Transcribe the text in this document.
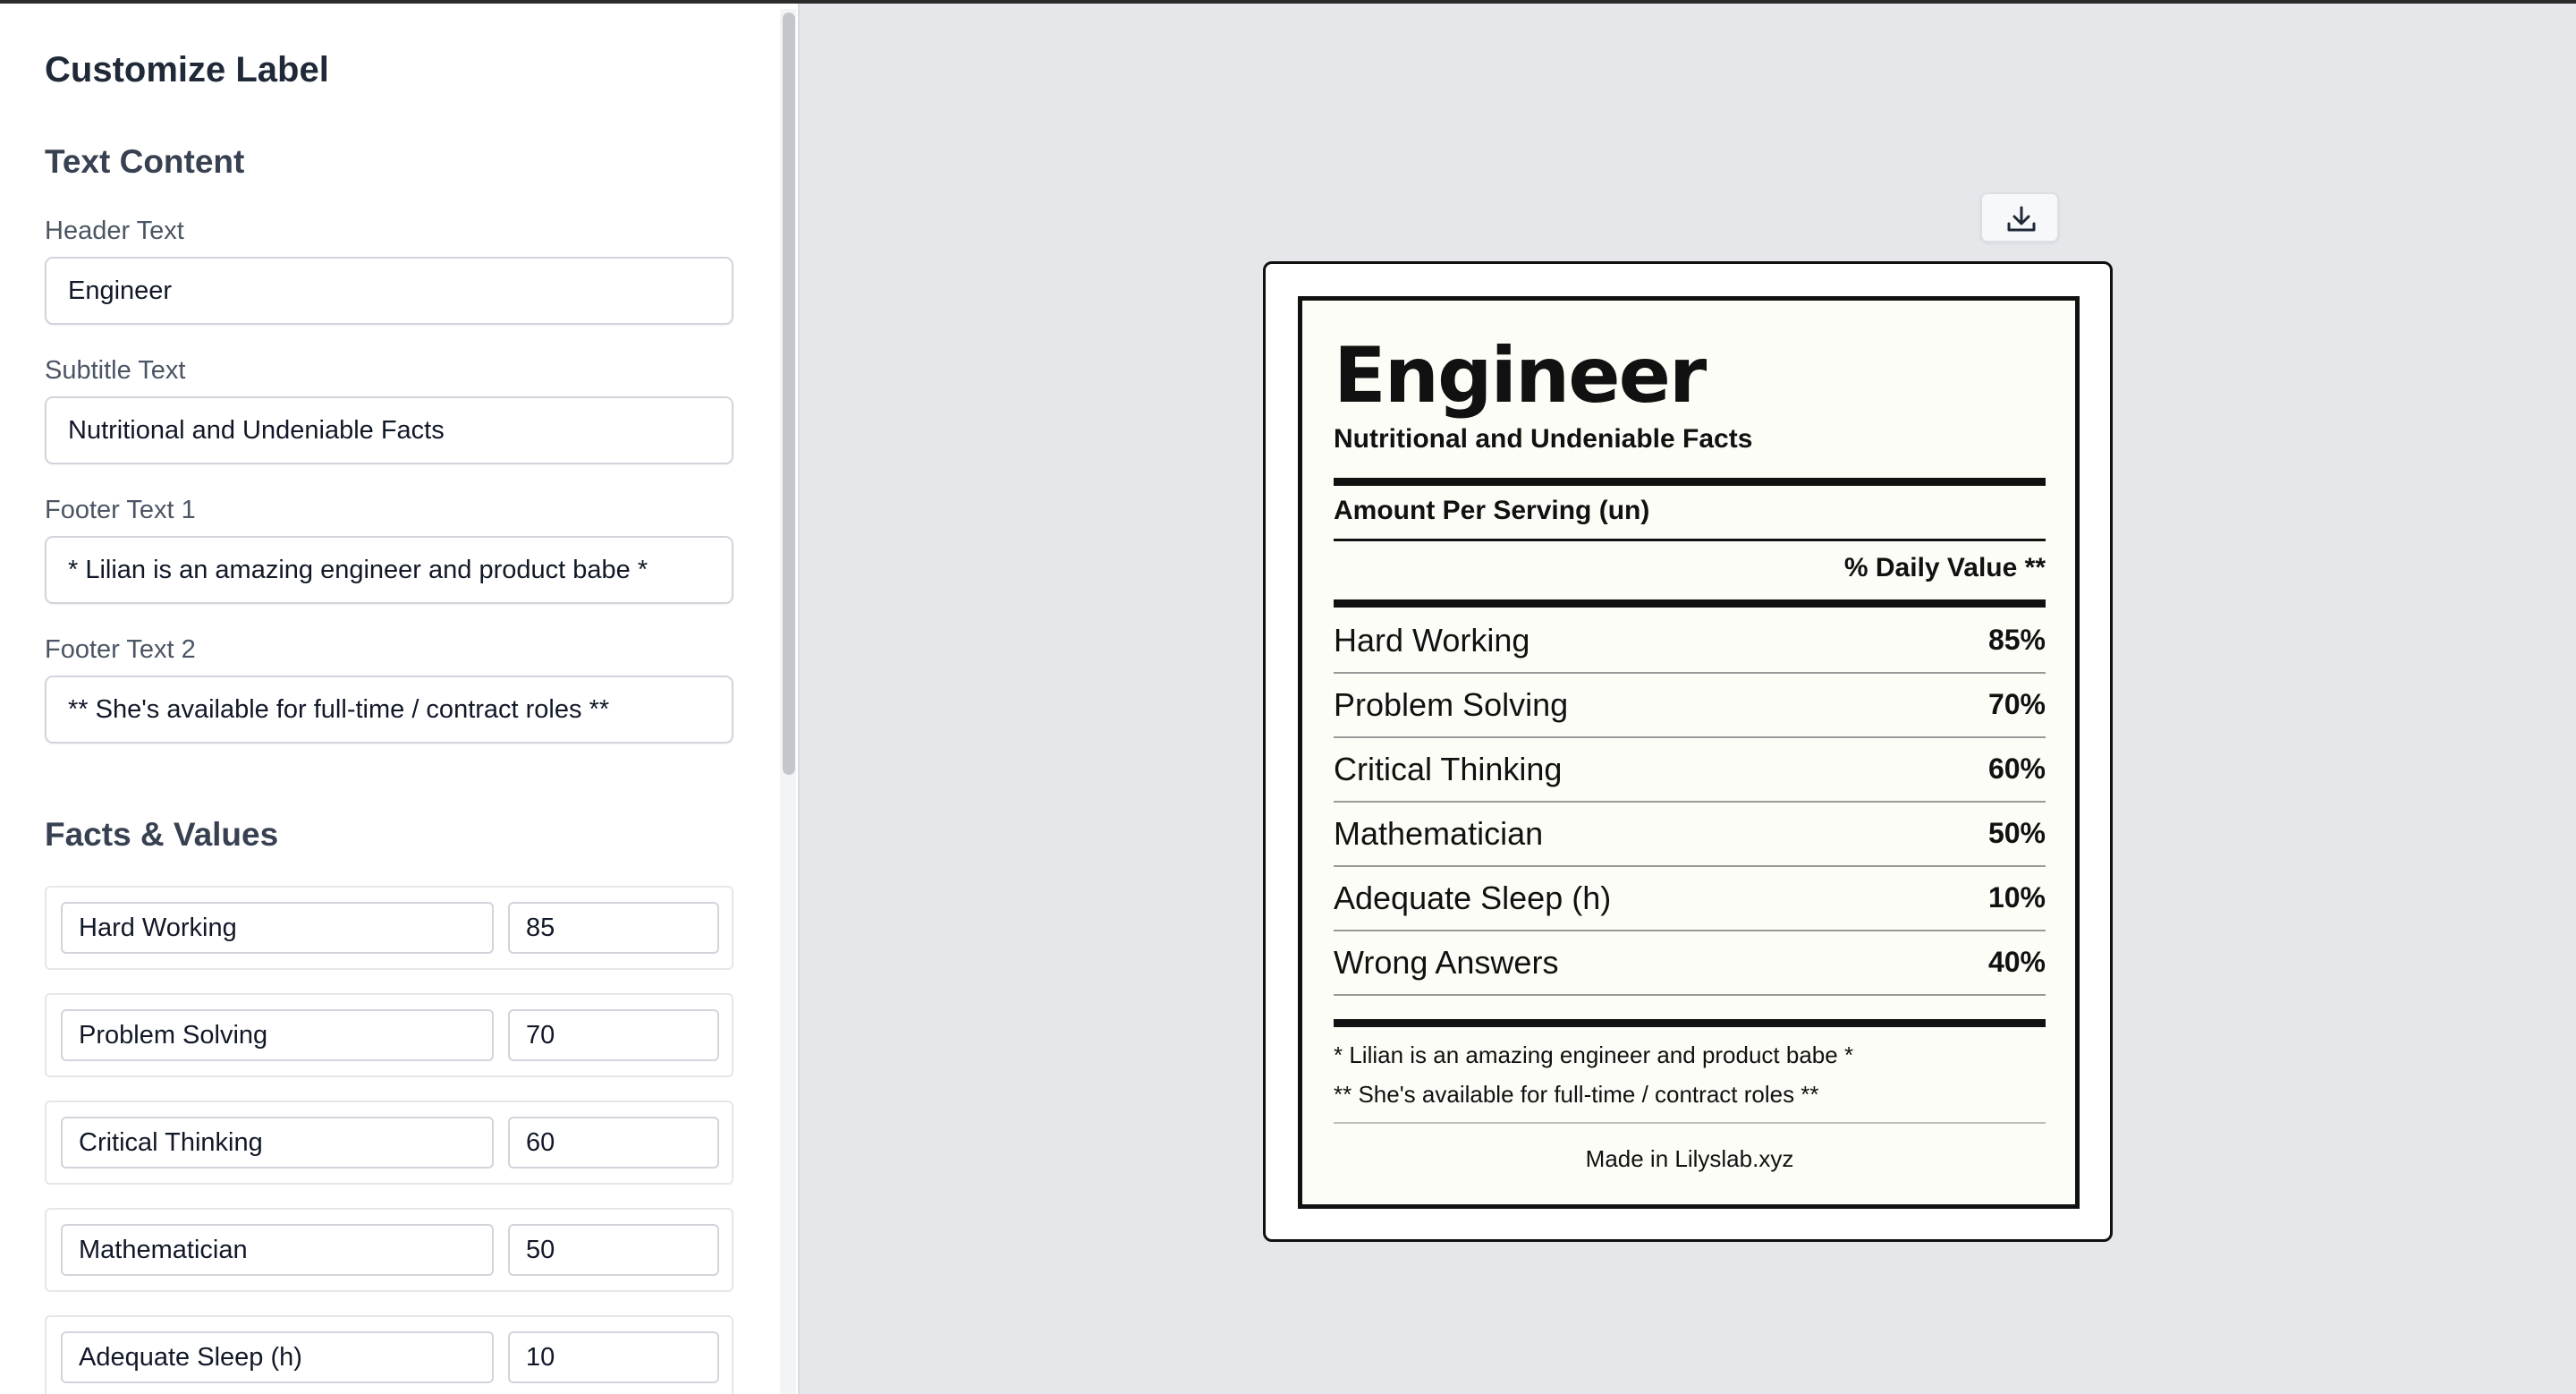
Customize Label
Text Content
Header Text
Engineer
Subtitle Text
Nutritional and Undeniable Facts
Footer Text 1
* Lilian is an amazing engineer and product babe *
Footer Text 2
** She's available for full-time / contract roles **
Facts & Values
Hard Working
85
Problem Solving
70
Critical Thinking
60
Mathematician
50
Adequate Sleep (h)
10
Engineer
Nutritional and Undeniable Facts
Amount Per Serving (un)
% Daily Value **
Hard Working	85%
Problem Solving	70%
Critical Thinking	60%
Mathematician	50%
Adequate Sleep (h)	10%
Wrong Answers	40%
* Lilian is an amazing engineer and product babe *
** She's available for full-time / contract roles **
Made in Lilyslab.xyz
